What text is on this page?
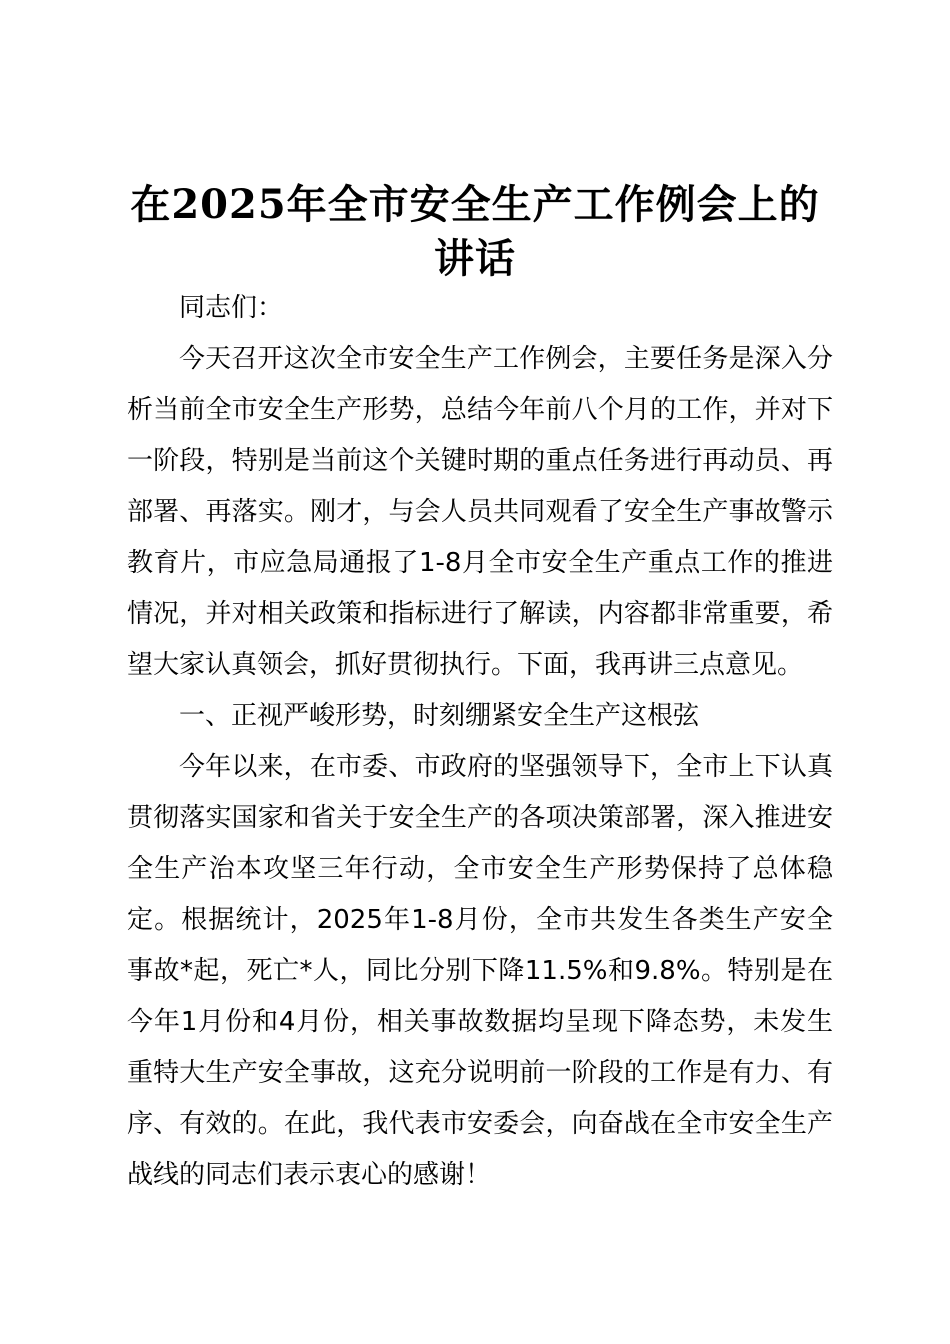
在2025年全市安全生产工作例会上的讲话

同志们：

今天召开这次全市安全生产工作例会，主要任务是深入分析当前全市安全生产形势，总结今年前八个月的工作，并对下一阶段，特别是当前这个关键时期的重点任务进行再动员、再部署、再落实。刚才，与会人员共同观看了安全生产事故警示教育片，市应急局通报了1-8月全市安全生产重点工作的推进情况，并对相关政策和指标进行了解读，内容都非常重要，希望大家认真领会，抓好贯彻执行。下面，我再讲三点意见。

一、正视严峻形势，时刻绷紧安全生产这根弦

今年以来，在市委、市政府的坚强领导下，全市上下认真贯彻落实国家和省关于安全生产的各项决策部署，深入推进安全生产治本攻坚三年行动，全市安全生产形势保持了总体稳定。根据统计，2025年1-8月份，全市共发生各类生产安全事故*起，死亡*人，同比分别下降11.5%和9.8%。特别是在今年1月份和4月份，相关事故数据均呈现下降态势，未发生重特大生产安全事故，这充分说明前一阶段的工作是有力、有序、有效的。在此，我代表市安委会，向奋战在全市安全生产战线的同志们表示衷心的感谢！
